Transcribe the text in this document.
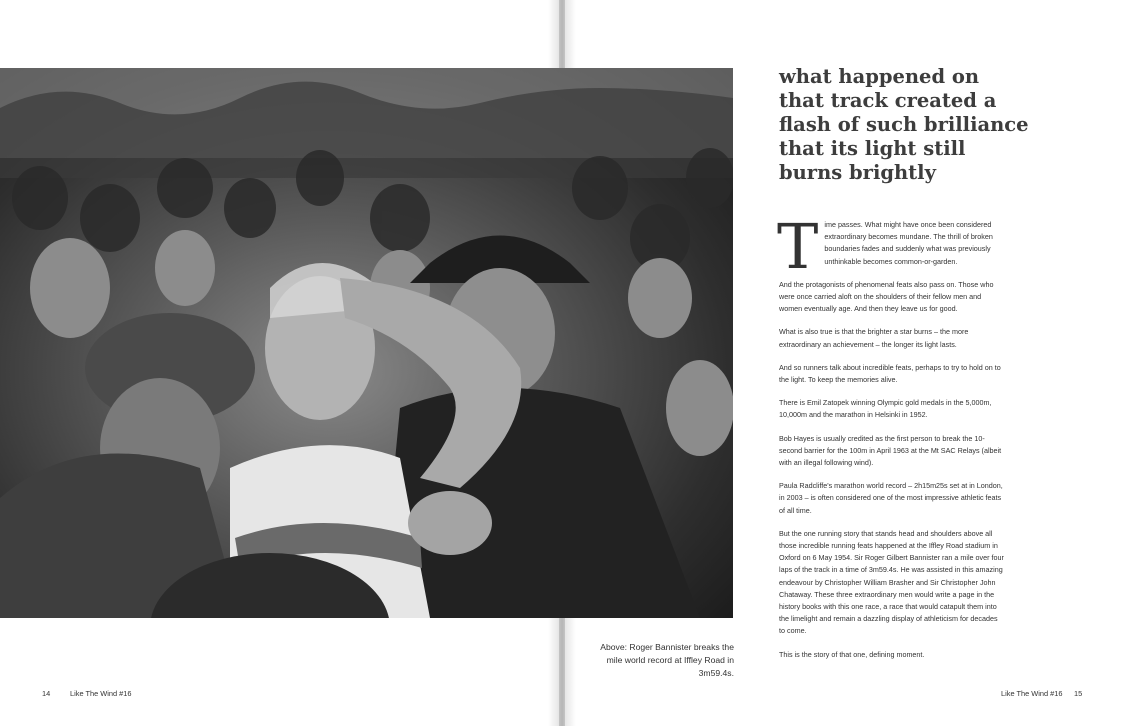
Above: Roger Bannister breaks the mile world record at Iffley Road in 3m59.4s.
14	Like The Wind #16	Like The Wind #16 15
what happened on that track created a flash of such brilliance that its light still burns brightly

Time passes. What might have once been considered extraordinary becomes mundane. The thrill of broken boundaries fades and suddenly what was previously unthinkable becomes common-or-garden.

And the protagonists of phenomenal feats also pass on. Those who were once carried aloft on the shoulders of their fellow men and women eventually age. And then they leave us for good.

What is also true is that the brighter a star burns – the more extraordinary an achievement – the longer its light lasts.

And so runners talk about incredible feats, perhaps to try to hold on to the light. To keep the memories alive.

There is Emil Zatopek winning Olympic gold medals in the 5,000m, 10,000m and the marathon in Helsinki in 1952.

Bob Hayes is usually credited as the first person to break the 10-second barrier for the 100m in April 1963 at the Mt SAC Relays (albeit with an illegal following wind).

Paula Radcliffe's marathon world record – 2h15m25s set at in London, in 2003 – is often considered one of the most impressive athletic feats of all time.

But the one running story that stands head and shoulders above all those incredible running feats happened at the Iffley Road stadium in Oxford on 6 May 1954. Sir Roger Gilbert Bannister ran a mile over four laps of the track in a time of 3m59.4s. He was assisted in this amazing endeavour by Christopher William Brasher and Sir Christopher John Chataway. These three extraordinary men would write a page in the history books with this one race, a race that would catapult them into the limelight and remain a dazzling display of athleticism for decades to come.

This is the story of that one, defining moment.
